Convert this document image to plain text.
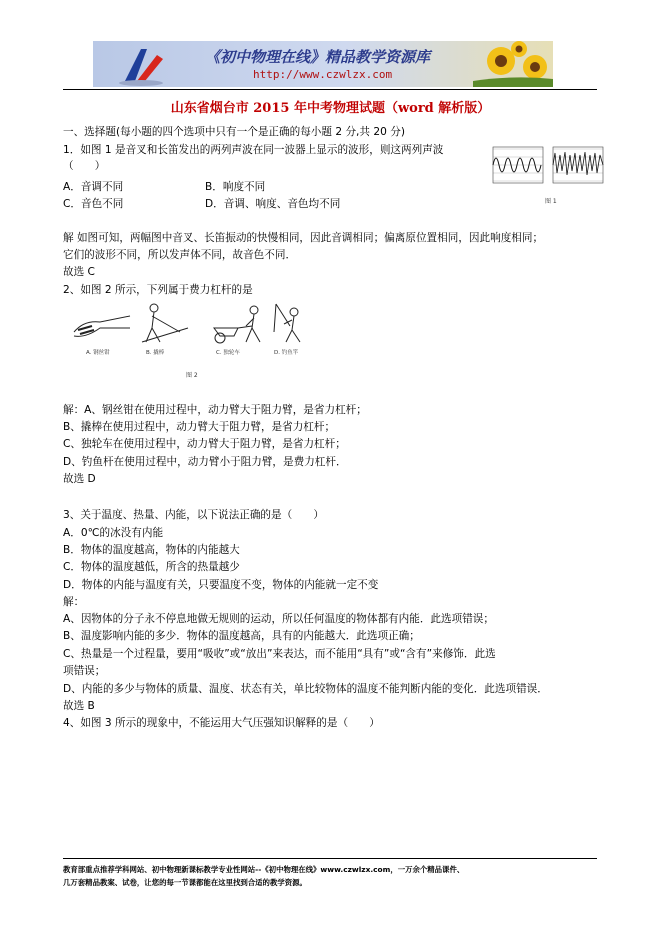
《初中物理在线》精品教学资源库
http://www.czwlzx.com
山东省烟台市 2015 年中考物理试题（word 解析版）
一、选择题(每小题的四个选项中只有一个是正确的每小题 2 分,共 20 分)
1．如图 1 是音叉和长笛发出的两列声波在同一波器上显示的波形，则这两列声波
（　　）
A．音调不同	B．响度不同
C．音色不同	D．音调、响度、音色均不同	图 1
解 如图可知，两幅图中音叉、长笛振动的快慢相同，因此音调相同；偏离原位置相同，因此响度相同；
它们的波形不同，所以发声体不同，故音色不同．
故选 C
2、如图 2 所示，下列属于费力杠杆的是
A. 钢丝钳	B. 撬棒	C. 独轮车	D. 钓鱼竿
图 2
解：A、钢丝钳在使用过程中，动力臂大于阻力臂，是省力杠杆；
B、撬棒在使用过程中，动力臂大于阻力臂，是省力杠杆；
C、独轮车在使用过程中，动力臂大于阻力臂，是省力杠杆；
D、钓鱼杆在使用过程中，动力臂小于阻力臂，是费力杠杆．
故选 D
3、关于温度、热量、内能，以下说法正确的是（　　）
A．0℃的冰没有内能
B．物体的温度越高，物体的内能越大
C．物体的温度越低，所含的热量越少
D．物体的内能与温度有关，只要温度不变，物体的内能就一定不变
解：
A、因物体的分子永不停息地做无规则的运动，所以任何温度的物体都有内能．此选项错误；
B、温度影响内能的多少．物体的温度越高，具有的内能越大．此选项正确；
C、热量是一个过程量，要用“吸收”或“放出”来表达，而不能用“具有”或“含有”来修饰．此选
项错误；
D、内能的多少与物体的质量、温度、状态有关，单比较物体的温度不能判断内能的变化．此选项错误．
故选 B
4、如图 3 所示的现象中，不能运用大气压强知识解释的是（　　）
教育部重点推荐学科网站、初中物理新课标教学专业性网站--《初中物理在线》www.czwlzx.com，一万余个精品课件、
几万套精品教案、试卷，让您的每一节课都能在这里找到合适的教学资源。
